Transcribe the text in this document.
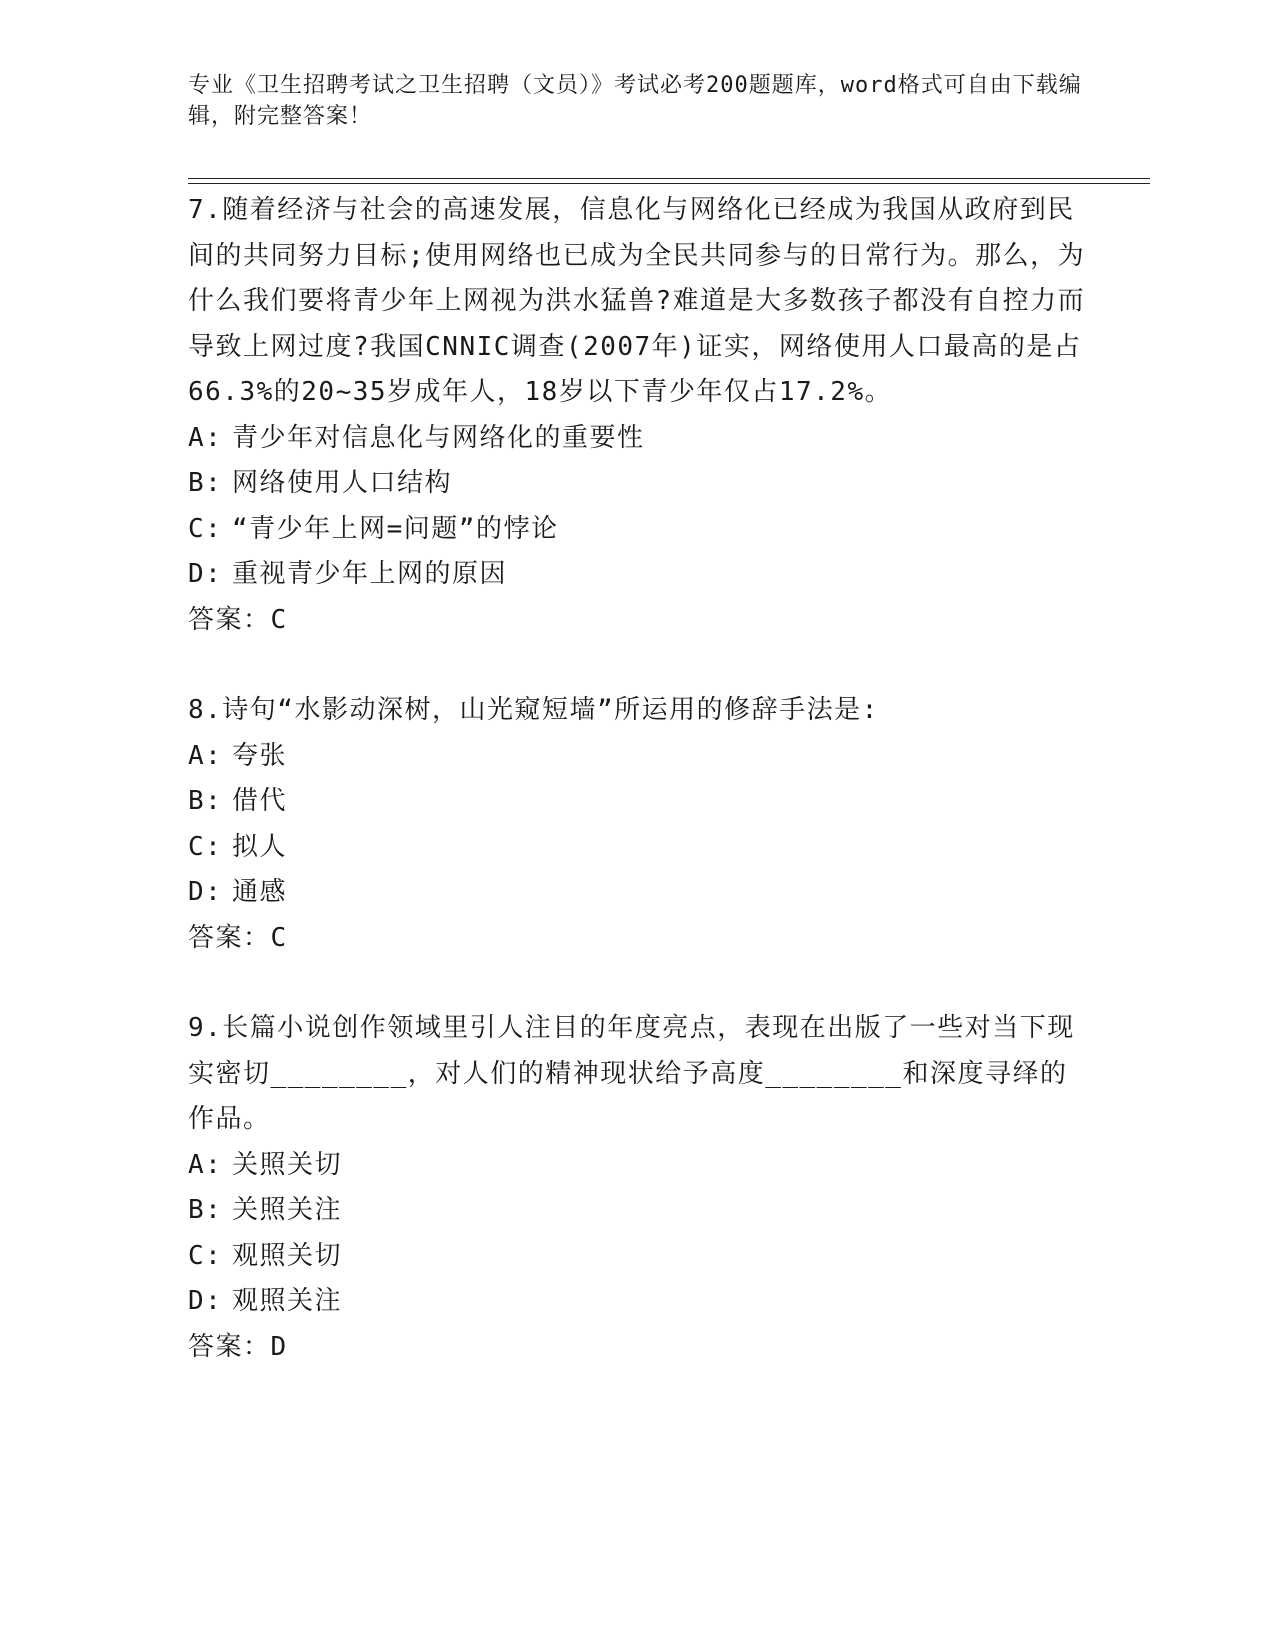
专业《卫生招聘考试之卫生招聘（文员）》考试必考200题题库，word格式可自由下载编辑，附完整答案！

7.随着经济与社会的高速发展，信息化与网络化已经成为我国从政府到民间的共同努力目标;使用网络也已成为全民共同参与的日常行为。那么，为什么我们要将青少年上网视为洪水猛兽?难道是大多数孩子都没有自控力而导致上网过度?我国CNNIC调查(2007年)证实，网络使用人口最高的是占66.3%的20~35岁成年人，18岁以下青少年仅占17.2%。

A: 青少年对信息化与网络化的重要性

B: 网络使用人口结构

C: “青少年上网=问题”的悖论

D: 重视青少年上网的原因

答案：C

8.诗句“水影动深树，山光窥短墙”所运用的修辞手法是:

A: 夸张

B: 借代

C: 拟人

D: 通感

答案：C

9.长篇小说创作领域里引人注目的年度亮点，表现在出版了一些对当下现实密切________，对人们的精神现状给予高度________和深度寻绎的作品。

A: 关照关切

B: 关照关注

C: 观照关切

D: 观照关注

答案：D
